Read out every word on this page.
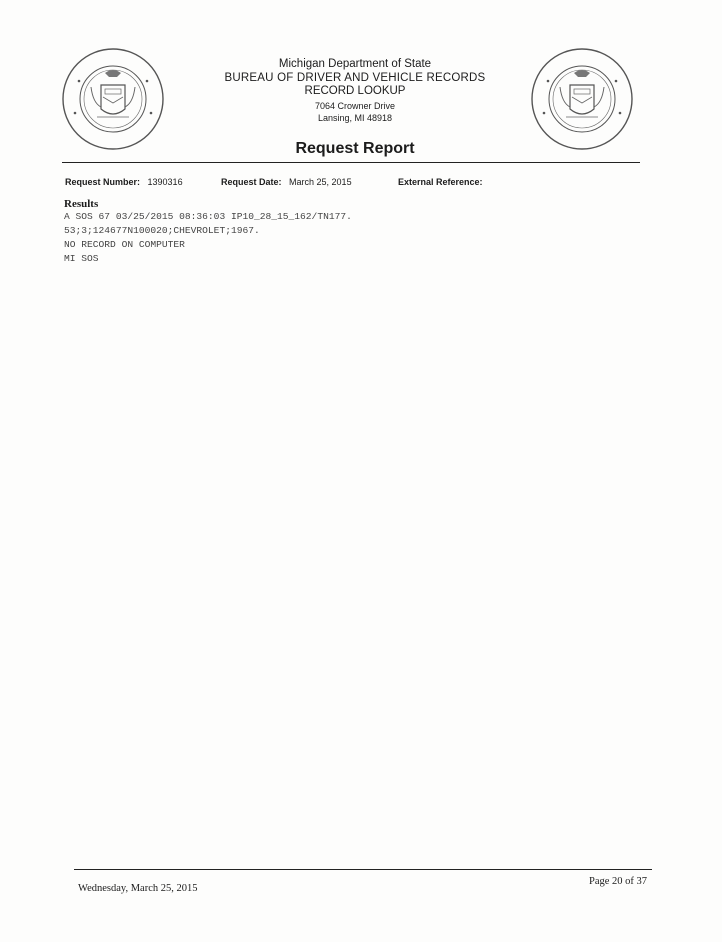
Michigan Department of State
BUREAU OF DRIVER AND VEHICLE RECORDS
RECORD LOOKUP
7064 Crowner Drive
Lansing, MI 48918
Request Report
Request Number: 1390316	Request Date: March 25, 2015	External Reference:
Results
A SOS 67 03/25/2015 08:36:03 IP10_28_15_162/TN177.
53;3;124677N100020;CHEVROLET;1967.
NO RECORD ON COMPUTER
MI SOS
Wednesday, March 25, 2015
Page 20 of 37
